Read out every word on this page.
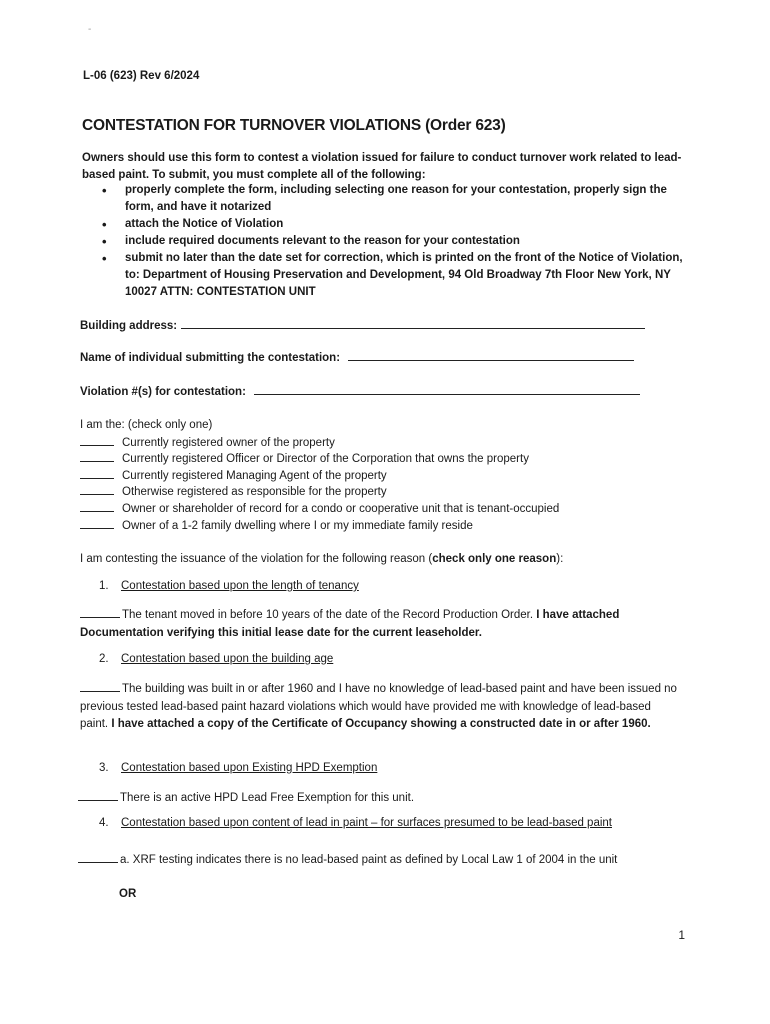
-
L-06 (623) Rev 6/2024
CONTESTATION FOR TURNOVER VIOLATIONS (Order 623)
Owners should use this form to contest a violation issued for failure to conduct turnover work related to lead-based paint. To submit, you must complete all of the following:
• properly complete the form, including selecting one reason for your contestation, properly sign the form, and have it notarized
• attach the Notice of Violation
• include required documents relevant to the reason for your contestation
• submit no later than the date set for correction, which is printed on the front of the Notice of Violation, to: Department of Housing Preservation and Development, 94 Old Broadway 7th Floor New York, NY 10027 ATTN: CONTESTATION UNIT
Building address:
Name of individual submitting the contestation:
Violation #(s) for contestation:
I am the: (check only one)
Currently registered owner of the property
Currently registered Officer or Director of the Corporation that owns the property
Currently registered Managing Agent of the property
Otherwise registered as responsible for the property
Owner or shareholder of record for a condo or cooperative unit that is tenant-occupied
Owner of a 1-2 family dwelling where I or my immediate family reside
I am contesting the issuance of the violation for the following reason (check only one reason):
1.	Contestation based upon the length of tenancy
The tenant moved in before 10 years of the date of the Record Production Order. I have attached Documentation verifying this initial lease date for the current leaseholder.
2.	Contestation based upon the building age
The building was built in or after 1960 and I have no knowledge of lead-based paint and have been issued no previous tested lead-based paint hazard violations which would have provided me with knowledge of lead-based paint. I have attached a copy of the Certificate of Occupancy showing a constructed date in or after 1960.
3.	Contestation based upon Existing HPD Exemption
There is an active HPD Lead Free Exemption for this unit.
4.	Contestation based upon content of lead in paint – for surfaces presumed to be lead-based paint
a. XRF testing indicates there is no lead-based paint as defined by Local Law 1 of 2004 in the unit
OR
1
